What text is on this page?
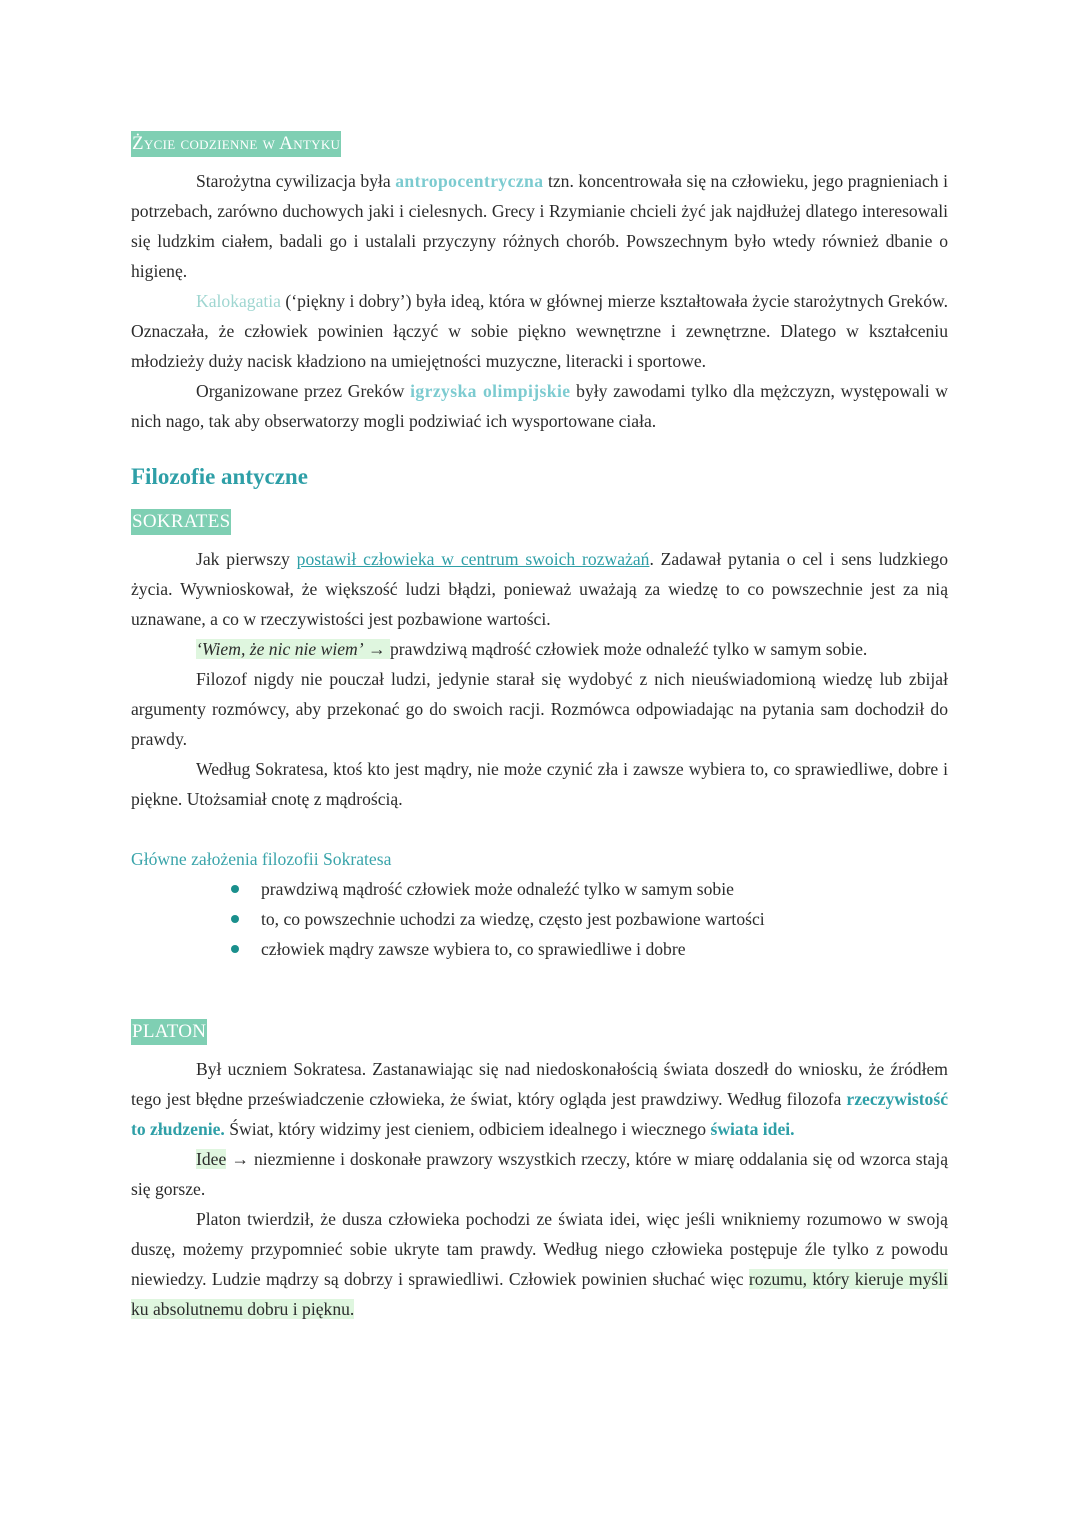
Życie codzienne w Antyku

Starożytna cywilizacja była antropocentryczna tzn. koncentrowała się na człowieku, jego pragnieniach i potrzebach, zarówno duchowych jaki i cielesnych. Grecy i Rzymianie chcieli żyć jak najdłużej dlatego interesowali się ludzkim ciałem, badali go i ustalali przyczyny różnych chorób. Powszechnym było wtedy również dbanie o higienę.

Kalokagatia (‘piękny i dobry’) była ideą, która w głównej mierze kształtowała życie starożytnych Greków. Oznaczała, że człowiek powinien łączyć w sobie piękno wewnętrzne i zewnętrzne. Dlatego w kształceniu młodzieży duży nacisk kładziono na umiejętności muzyczne, literacki i sportowe.

Organizowane przez Greków igrzyska olimpijskie były zawodami tylko dla mężczyzn, występowali w nich nago, tak aby obserwatorzy mogli podziwiać ich wysportowane ciała.

Filozofie antyczne
SOKRATES

Jak pierwszy postawił człowieka w centrum swoich rozważań. Zadawał pytania o cel i sens ludzkiego życia. Wywnioskował, że większość ludzi błądzi, ponieważ uważają za wiedzę to co powszechnie jest za nią uznawane, a co w rzeczywistości jest pozbawione wartości.

‘Wiem, że nic nie wiem’ → prawdziwą mądrość człowiek może odnaleźć tylko w samym sobie.

Filozof nigdy nie pouczał ludzi, jedynie starał się wydobyć z nich nieuświadomioną wiedzę lub zbijał argumenty rozmówcy, aby przekonać go do swoich racji. Rozmówca odpowiadając na pytania sam dochodził do prawdy.

Według Sokratesa, ktoś kto jest mądry, nie może czynić zła i zawsze wybiera to, co sprawiedliwe, dobre i piękne. Utożsamiał cnotę z mądrością.

Główne założenia filozofii Sokratesa
prawdziwą mądrość człowiek może odnaleźć tylko w samym sobie
to, co powszechnie uchodzi za wiedzę, często jest pozbawione wartości
człowiek mądry zawsze wybiera to, co sprawiedliwe i dobre
PLATON

Był uczniem Sokratesa. Zastanawiając się nad niedoskonałością świata doszedł do wniosku, że źródłem tego jest błędne przeświadczenie człowieka, że świat, który ogląda jest prawdziwy. Według filozofa rzeczywistość to złudzenie. Świat, który widzimy jest cieniem, odbiciem idealnego i wiecznego świata idei.

Idee → niezmienne i doskonałe prawzory wszystkich rzeczy, które w miarę oddalania się od wzorca stają się gorsze.

Platon twierdził, że dusza człowieka pochodzi ze świata idei, więc jeśli wnikniemy rozumowo w swoją duszę, możemy przypomnieć sobie ukryte tam prawdy. Według niego człowieka postępuje źle tylko z powodu niewiedzy. Ludzie mądrzy są dobrzy i sprawiedliwi. Człowiek powinien słuchać więc rozumu, który kieruje myśli ku absolutnemu dobru i pięknu.
